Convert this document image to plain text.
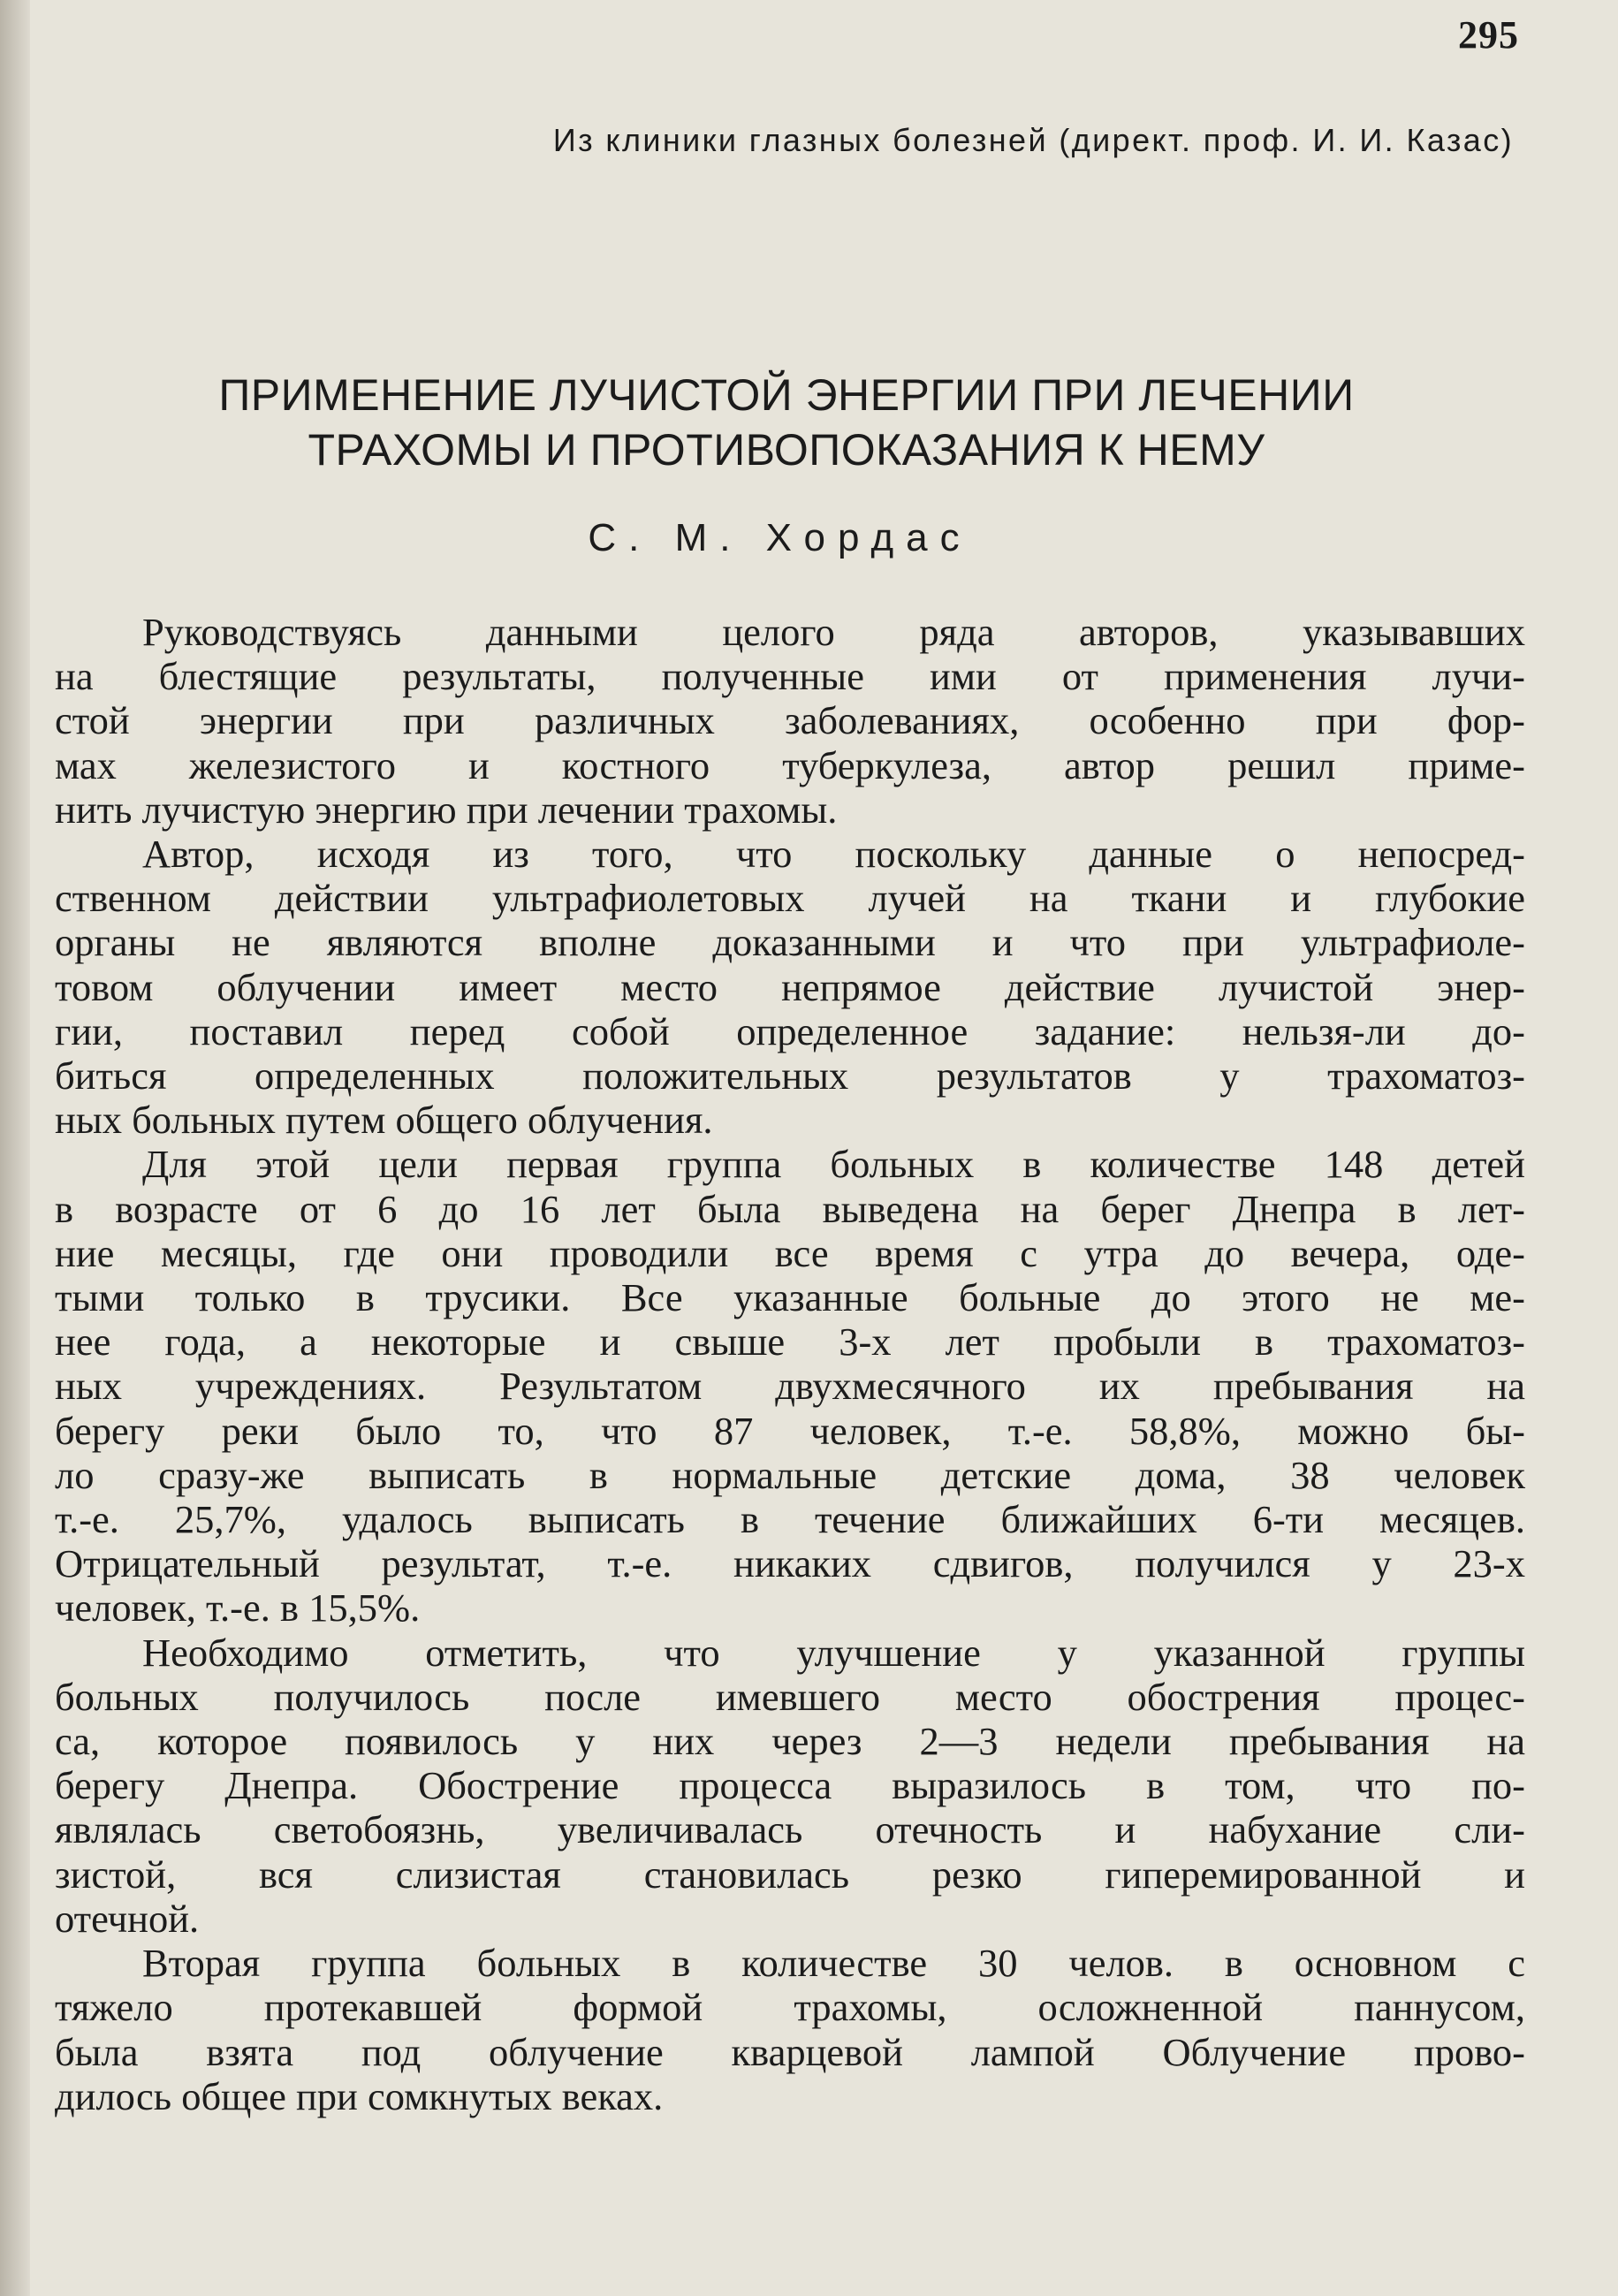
295
Из клиники глазных болезней (директ. проф. И. И. Казас)
ПРИМЕНЕНИЕ ЛУЧИСТОЙ ЭНЕРГИИ ПРИ ЛЕЧЕНИИ
ТРАХОМЫ И ПРОТИВОПОКАЗАНИЯ К НЕМУ
С. М. Хордас
Руководствуясь данными целого ряда авторов, указывавших
на блестящие результаты, полученные ими от применения лучи-
стой энергии при различных заболеваниях, особенно при фор-
мах железистого и костного туберкулеза, автор решил приме-
нить лучистую энергию при лечении трахомы.
Автор, исходя из того, что поскольку данные о непосред-
ственном действии ультрафиолетовых лучей на ткани и глубокие
органы не являются вполне доказанными и что при ультрафиоле-
товом облучении имеет место непрямое действие лучистой энер-
гии, поставил перед собой определенное задание: нельзя-ли до-
биться определенных положительных результатов у трахоматоз-
ных больных путем общего облучения.
Для этой цели первая группа больных в количестве 148 детей
в возрасте от 6 до 16 лет была выведена на берег Днепра в лет-
ние месяцы, где они проводили все время с утра до вечера, оде-
тыми только в трусики. Все указанные больные до этого не ме-
нее года, а некоторые и свыше 3-х лет пробыли в трахоматоз-
ных учреждениях. Результатом двухмесячного их пребывания на
берегу реки было то, что 87 человек, т.-е. 58,8%, можно бы-
ло сразу-же выписать в нормальные детские дома, 38 человек
т.-е. 25,7%, удалось выписать в течение ближайших 6-ти месяцев.
Отрицательный результат, т.-е. никаких сдвигов, получился у 23-х
человек, т.-е. в 15,5%.
Необходимо отметить, что улучшение у указанной группы
больных получилось после имевшего место обострения процес-
са, которое появилось у них через 2—3 недели пребывания на
берегу Днепра. Обострение процесса выразилось в том, что по-
являлась светобоязнь, увеличивалась отечность и набухание сли-
зистой, вся слизистая становилась резко гиперемированной и
отечной.
Вторая группа больных в количестве 30 челов. в основном с
тяжело протекавшей формой трахомы, осложненной паннусом,
была взята под облучение кварцевой лампой Облучение прово-
дилось общее при сомкнутых веках.
